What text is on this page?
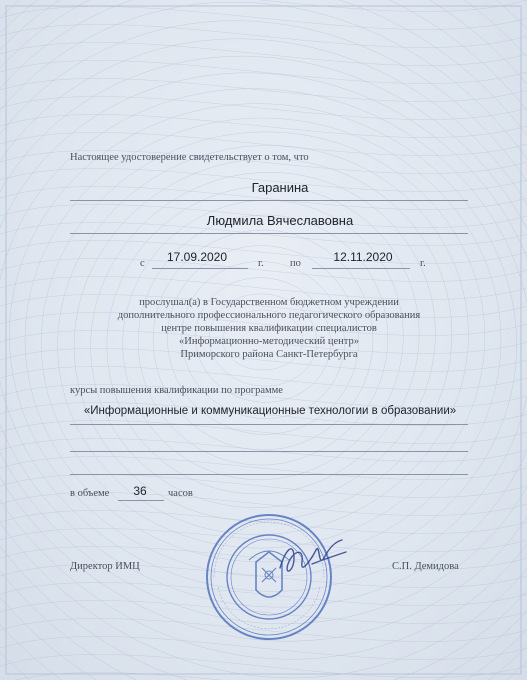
Настоящее удостоверение свидетельствует о том, что
Гаранина
Людмила Вячеславовна
с	17.09.2020	г.	по	12.11.2020	г.
прослушал(а) в Государственном бюджетном учреждении
дополнительного профессионального педагогического образования
центре повышения квалификации специалистов
«Информационно-методический центр»
Приморского района Санкт-Петербурга
курсы повышения квалификации по программе
«Информационные и коммуникационные технологии в образовании»
в объеме	36	часов
Директор ИМЦ	С.П. Демидова
